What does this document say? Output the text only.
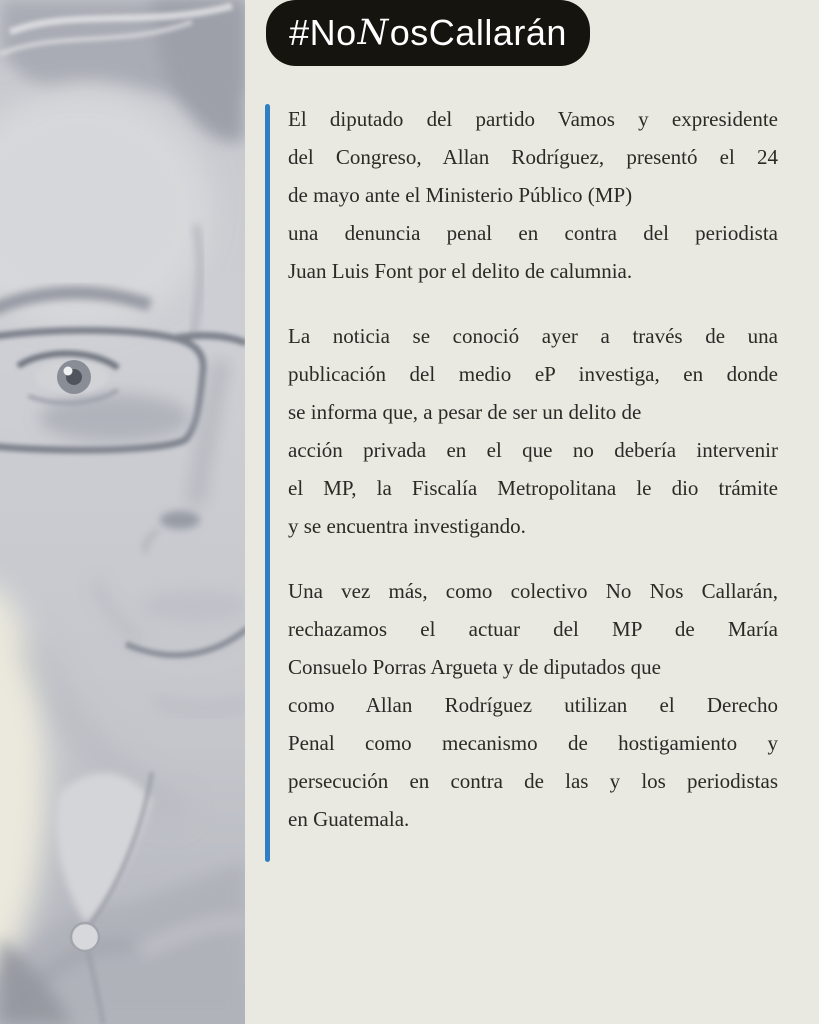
#No N osCallarán
El diputado del partido Vamos y expresidente
del Congreso, Allan Rodríguez, presentó el 24
de mayo ante el Ministerio Público (MP)
una denuncia penal en contra del periodista
Juan Luis Font por el delito de calumnia.
La noticia se conoció ayer a través de una
publicación del medio eP investiga, en donde
se informa que, a pesar de ser un delito de
acción privada en el que no debería intervenir
el MP, la Fiscalía Metropolitana le dio trámite
y se encuentra investigando.
Una vez más, como colectivo No Nos Callarán,
rechazamos el actuar del MP de María
Consuelo Porras Argueta y de diputados que
como Allan Rodríguez utilizan el Derecho
Penal como mecanismo de hostigamiento y
persecución en contra de las y los periodistas
en Guatemala.
